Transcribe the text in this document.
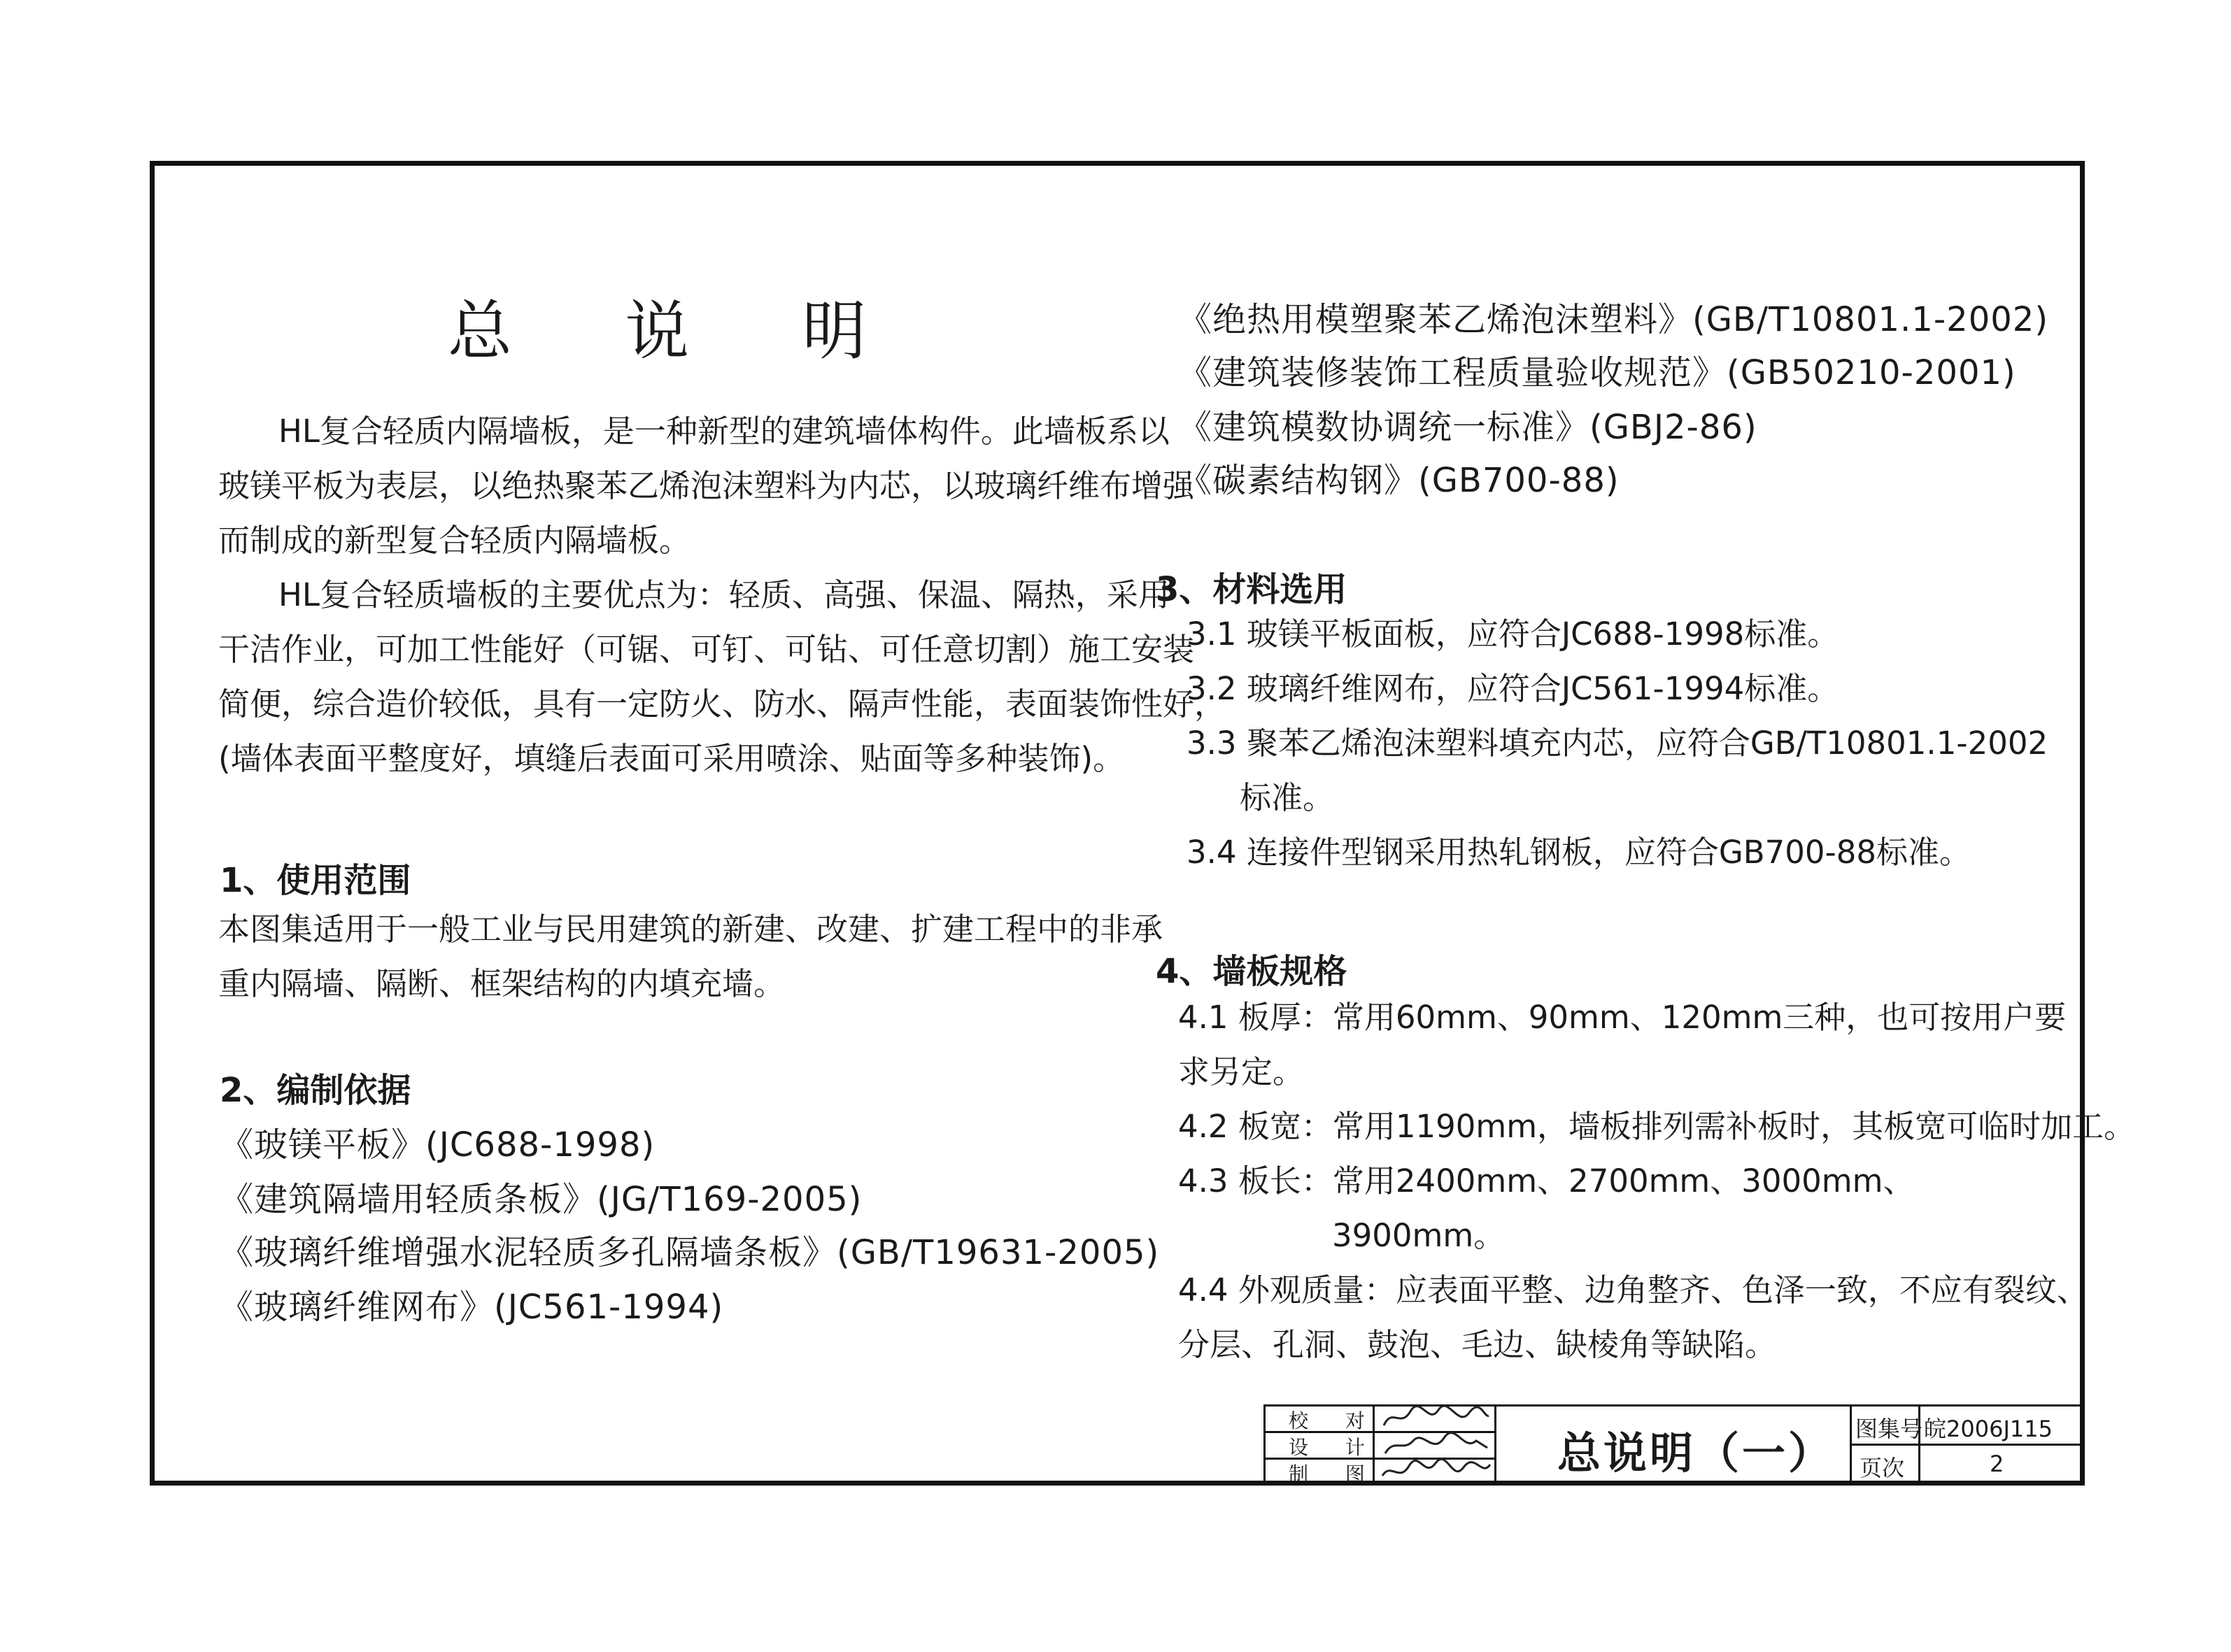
总 说 明
HL复合轻质内隔墙板，是一种新型的建筑墙体构件。此墙板系以
玻镁平板为表层，以绝热聚苯乙烯泡沫塑料为内芯，以玻璃纤维布增强
而制成的新型复合轻质内隔墙板。
HL复合轻质墙板的主要优点为：轻质、高强、保温、隔热，采用
干洁作业，可加工性能好（可锯、可钉、可钻、可任意切割）施工安装
简便，综合造价较低，具有一定防火、防水、隔声性能，表面装饰性好，
(墙体表面平整度好，填缝后表面可采用喷涂、贴面等多种装饰)。
1、使用范围
本图集适用于一般工业与民用建筑的新建、改建、扩建工程中的非承
重内隔墙、隔断、框架结构的内填充墙。
2、编制依据
《玻镁平板》(JC688-1998)
《建筑隔墙用轻质条板》(JG/T169-2005)
《玻璃纤维增强水泥轻质多孔隔墙条板》(GB/T19631-2005)
《玻璃纤维网布》(JC561-1994)
《绝热用模塑聚苯乙烯泡沫塑料》(GB/T10801.1-2002)
《建筑装修装饰工程质量验收规范》(GB50210-2001)
《建筑模数协调统一标准》(GBJ2-86)
《碳素结构钢》(GB700-88)
3、材料选用
3.1 玻镁平板面板，应符合JC688-1998标准。
3.2 玻璃纤维网布，应符合JC561-1994标准。
3.3 聚苯乙烯泡沫塑料填充内芯，应符合GB/T10801.1-2002
标准。
3.4 连接件型钢采用热轧钢板，应符合GB700-88标准。
4、墙板规格
4.1 板厚：常用60mm、90mm、120mm三种，也可按用户要
求另定。
4.2 板宽：常用1190mm，墙板排列需补板时，其板宽可临时加工。
4.3 板长：常用2400mm、2700mm、3000mm、
3900mm。
4.4 外观质量：应表面平整、边角整齐、色泽一致，不应有裂纹、
分层、孔洞、鼓泡、毛边、缺棱角等缺陷。
校 对
设 计
制 图	总说明（一） 图集号 皖2006J115
页次	2
